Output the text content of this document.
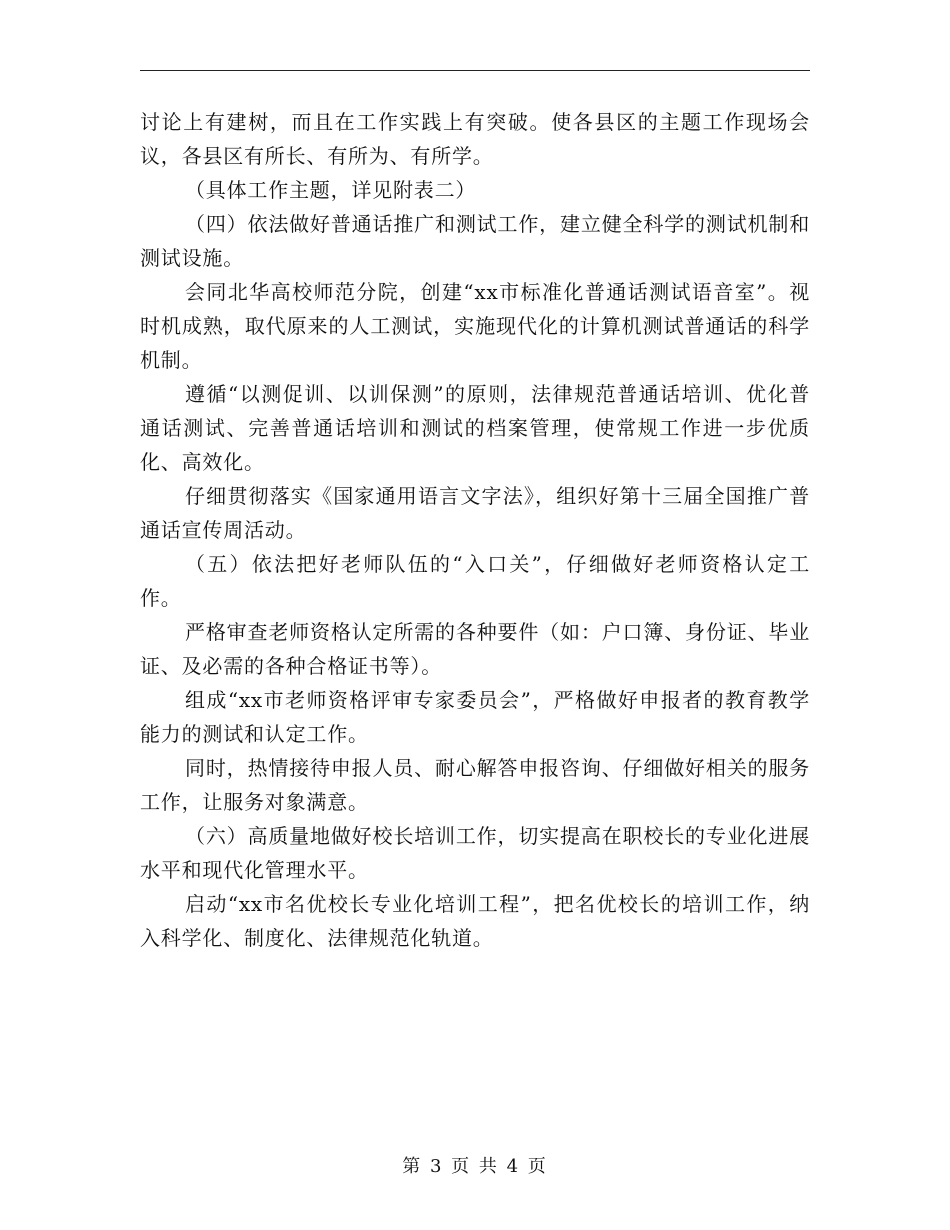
讨论上有建树，而且在工作实践上有突破。使各县区的主题工作现场会议，各县区有所长、有所为、有所学。

（具体工作主题，详见附表二）

（四）依法做好普通话推广和测试工作，建立健全科学的测试机制和测试设施。

会同北华高校师范分院，创建“xx市标准化普通话测试语音室”。视时机成熟，取代原来的人工测试，实施现代化的计算机测试普通话的科学机制。

遵循“以测促训、以训保测”的原则，法律规范普通话培训、优化普通话测试、完善普通话培训和测试的档案管理，使常规工作进一步优质化、高效化。

仔细贯彻落实《国家通用语言文字法》，组织好第十三届全国推广普通话宣传周活动。

（五）依法把好老师队伍的“入口关”，仔细做好老师资格认定工作。

严格审查老师资格认定所需的各种要件（如：户口簿、身份证、毕业证、及必需的各种合格证书等）。

组成“xx市老师资格评审专家委员会”，严格做好申报者的教育教学能力的测试和认定工作。

同时，热情接待申报人员、耐心解答申报咨询、仔细做好相关的服务工作，让服务对象满意。

（六）高质量地做好校长培训工作，切实提高在职校长的专业化进展水平和现代化管理水平。

启动“xx市名优校长专业化培训工程”，把名优校长的培训工作，纳入科学化、制度化、法律规范化轨道。

第 3 页 共 4 页
